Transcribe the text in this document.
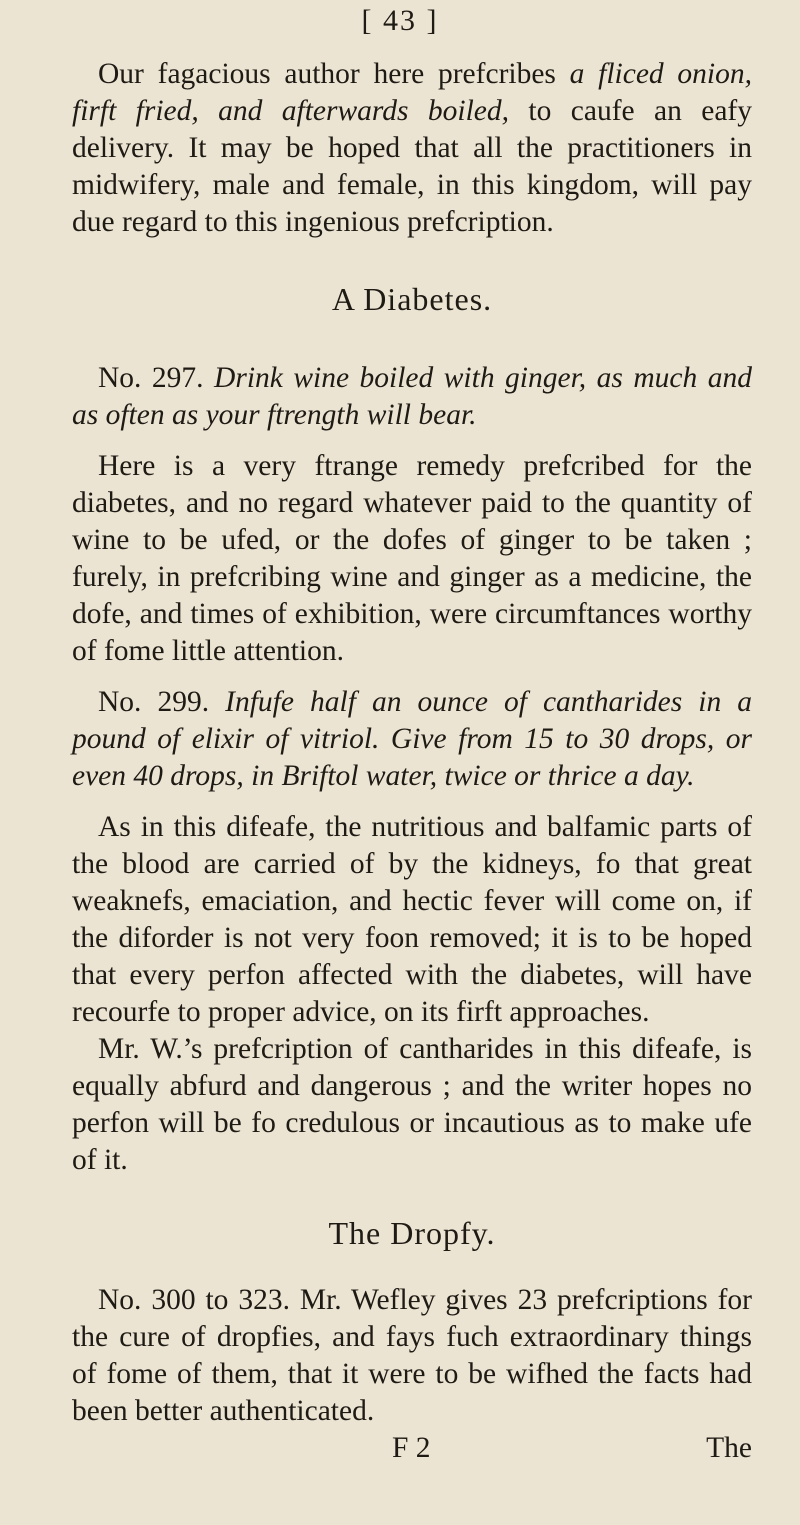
[ 43 ]

Our fagacious author here prefcribes a fliced onion, firft fried, and afterwards boiled, to caufe an eafy delivery. It may be hoped that all the practitioners in midwifery, male and female, in this kingdom, will pay due regard to this ingenious prefcription.

A Diabetes.

No. 297. Drink wine boiled with ginger, as much and as often as your ftrength will bear.

Here is a very ftrange remedy prefcribed for the diabetes, and no regard whatever paid to the quantity of wine to be ufed, or the dofes of ginger to be taken ; furely, in prefcribing wine and ginger as a medicine, the dofe, and times of exhibition, were circumftances worthy of fome little attention.

No. 299. Infufe half an ounce of cantharides in a pound of elixir of vitriol. Give from 15 to 30 drops, or even 40 drops, in Briftol water, twice or thrice a day.

As in this difeafe, the nutritious and balfamic parts of the blood are carried of by the kidneys, fo that great weaknefs, emaciation, and hectic fever will come on, if the diforder is not very foon removed; it is to be hoped that every perfon affected with the diabetes, will have recourfe to proper advice, on its firft approaches.

Mr. W.’s prefcription of cantharides in this difeafe, is equally abfurd and dangerous ; and the writer hopes no perfon will be fo credulous or incautious as to make ufe of it.

The Dropfy.

No. 300 to 323. Mr. Wefley gives 23 prefcriptions for the cure of dropfies, and fays fuch extraordinary things of fome of them, that it were to be wifhed the facts had been better authenticated.

F 2	The
